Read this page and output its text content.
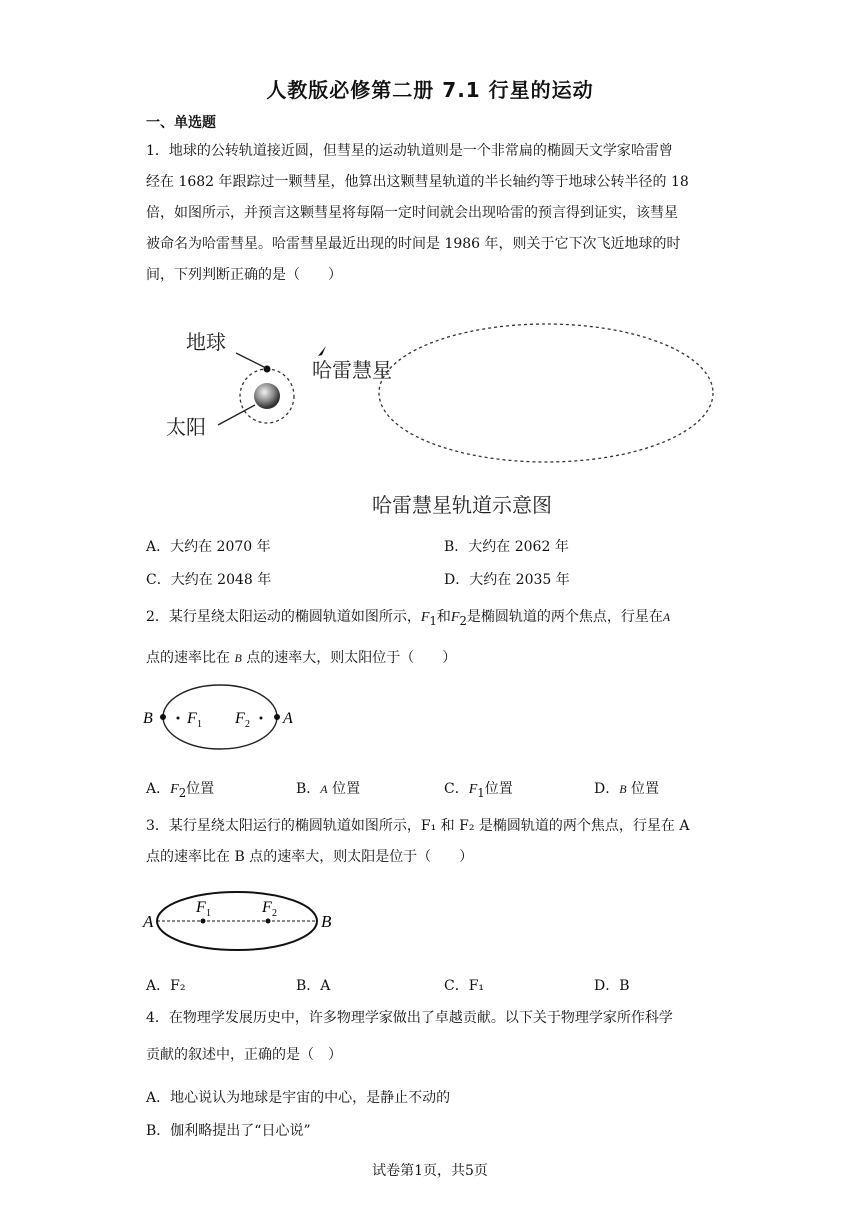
人教版必修第二册 7.1 行星的运动
一、单选题
1．地球的公转轨道接近圆，但彗星的运动轨道则是一个非常扁的椭圆天文学家哈雷曾
经在 1682 年跟踪过一颗彗星，他算出这颗彗星轨道的半长轴约等于地球公转半径的 18
倍，如图所示，并预言这颗彗星将每隔一定时间就会出现哈雷的预言得到证实，该彗星
被命名为哈雷彗星。哈雷彗星最近出现的时间是 1986 年，则关于它下次飞近地球的时
间，下列判断正确的是（　　）
地球
太阳
哈雷慧星
哈雷慧星轨道示意图
A．大约在 2070 年	B．大约在 2062 年
C．大约在 2048 年	D．大约在 2035 年
2．某行星绕太阳运动的椭圆轨道如图所示，$F_1$和$F_2$是椭圆轨道的两个焦点，行星在A
点的速率比在 B 点的速率大，则太阳位于（　　）
B F 1 F 2 A
A．$F_2$位置	B．A 位置	C．$F_1$位置	D．B 位置
3．某行星绕太阳运行的椭圆轨道如图所示，F₁ 和 F₂ 是椭圆轨道的两个焦点，行星在 A
点的速率比在 B 点的速率大，则太阳是位于（　　）
A
F 1	F 2	B
A．F₂	B．A	C．F₁	D．B
4．在物理学发展历史中，许多物理学家做出了卓越贡献。以下关于物理学家所作科学
贡献的叙述中，正确的是（　）
A．地心说认为地球是宇宙的中心，是静止不动的
B．伽利略提出了“日心说”
试卷第1页，共5页
